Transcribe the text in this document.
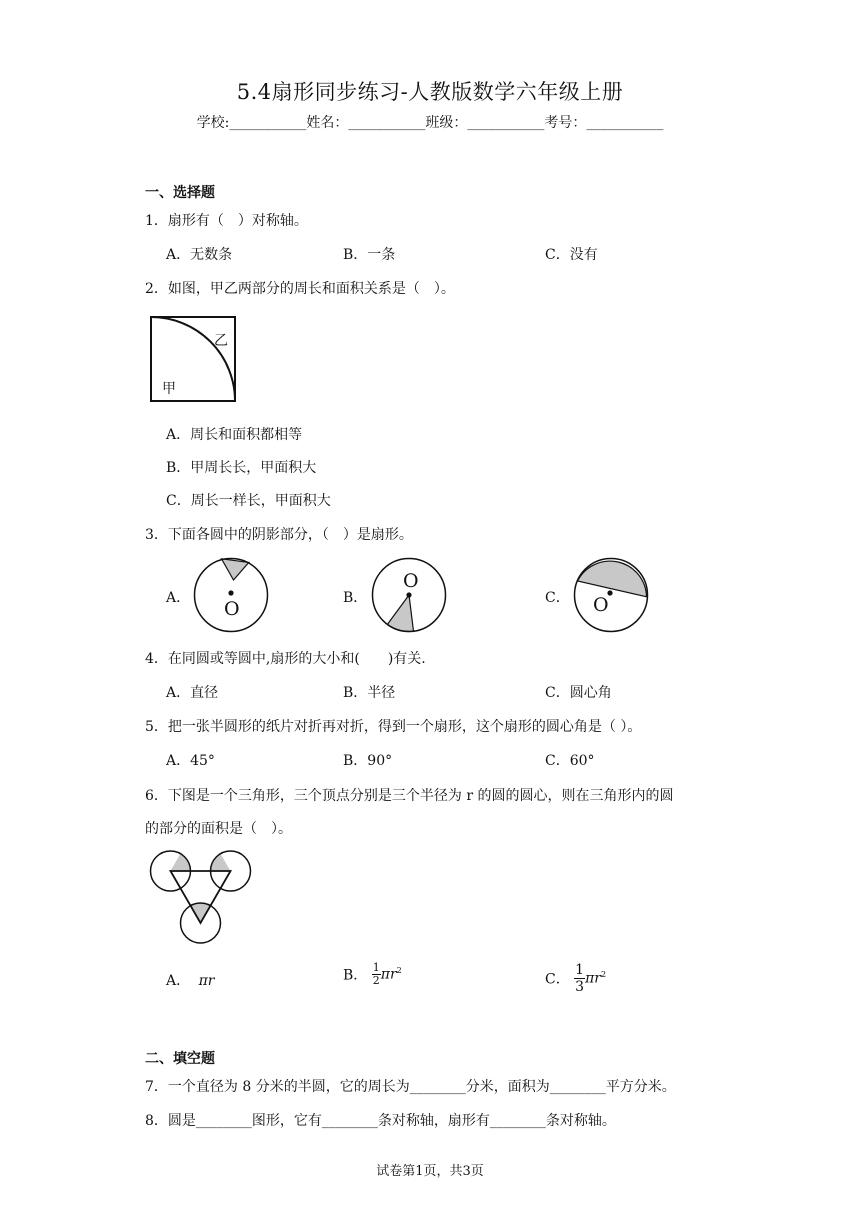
5.4扇形同步练习-人教版数学六年级上册
学校:___________姓名：___________班级：___________考号：___________
一、选择题
1．扇形有（　）对称轴。
A．无数条	B．一条	C．没有
2．如图，甲乙两部分的周长和面积关系是（　）。
乙
甲
A．周长和面积都相等
B．甲周长长，甲面积大
C．周长一样长，甲面积大
3．下面各圆中的阴影部分，（　）是扇形。
A． O	B．
O
C． O
4．在同圆或等圆中,扇形的大小和(　　)有关.
A．直径	B．半径	C．圆心角
5．把一张半圆形的纸片对折再对折，得到一个扇形，这个扇形的圆心角是（ ）。
A．45°	B．90°	C．60°
6．下图是一个三角形，三个顶点分别是三个半径为 r 的圆的圆心，则在三角形内的圆
的部分的面积是（　）。
A． πr	B． $\frac{1}{2} \pi r^2$
C． $\frac{1}{3} \pi r^2$
二、填空题
7．一个直径为 8 分米的半圆，它的周长为________分米，面积为________平方分米。
8．圆是________图形，它有________条对称轴，扇形有________条对称轴。
试卷第1页，共3页
